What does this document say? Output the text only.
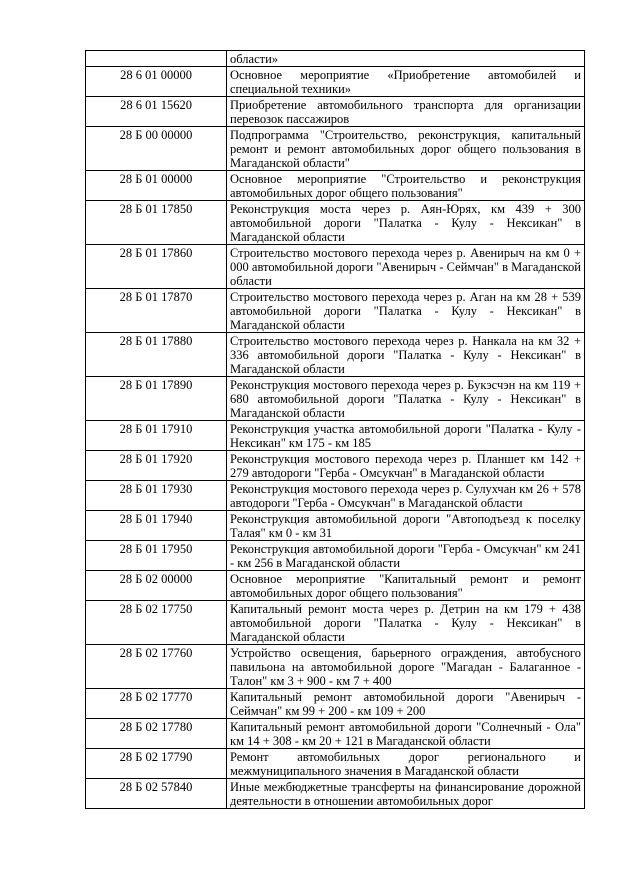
	области»
28 6 01 00000	Основное мероприятие «Приобретение автомобилей и специальной техники»
28 6 01 15620	Приобретение автомобильного транспорта для организации перевозок пассажиров
28 Б 00 00000	Подпрограмма "Строительство, реконструкция, капитальный ремонт и ремонт автомобильных дорог общего пользования в Магаданской области"
28 Б 01 00000	Основное мероприятие "Строительство и реконструкция автомобильных дорог общего пользования"
28 Б 01 17850	Реконструкция моста через р. Аян-Юрях, км 439 + 300 автомобильной дороги "Палатка - Кулу - Нексикан" в Магаданской области
28 Б 01 17860	Строительство мостового перехода через р. Авенирыч на км 0 + 000 автомобильной дороги "Авенирыч - Сеймчан" в Магаданской области
28 Б 01 17870	Строительство мостового перехода через р. Аган на км 28 + 539 автомобильной дороги "Палатка - Кулу - Нексикан" в Магаданской области
28 Б 01 17880	Строительство мостового перехода через р. Нанкала на км 32 + 336 автомобильной дороги "Палатка - Кулу - Нексикан" в Магаданской области
28 Б 01 17890	Реконструкция мостового перехода через р. Букэсчэн на км 119 + 680 автомобильной дороги "Палатка - Кулу - Нексикан" в Магаданской области
28 Б 01 17910	Реконструкция участка автомобильной дороги "Палатка - Кулу - Нексикан" км 175 - км 185
28 Б 01 17920	Реконструкция мостового перехода через р. Планшет км 142 + 279 автодороги "Герба - Омсукчан" в Магаданской области
28 Б 01 17930	Реконструкция мостового перехода через р. Сулухчан км 26 + 578 автодороги "Герба - Омсукчан" в Магаданской области
28 Б 01 17940	Реконструкция автомобильной дороги "Автоподъезд к поселку Талая" км 0 - км 31
28 Б 01 17950	Реконструкция автомобильной дороги "Герба - Омсукчан" км 241 - км 256 в Магаданской области
28 Б 02 00000	Основное мероприятие "Капитальный ремонт и ремонт автомобильных дорог общего пользования"
28 Б 02 17750	Капитальный ремонт моста через р. Детрин на км 179 + 438 автомобильной дороги "Палатка - Кулу - Нексикан" в Магаданской области
28 Б 02 17760	Устройство освещения, барьерного ограждения, автобусного павильона на автомобильной дороге "Магадан - Балаганное - Талон" км 3 + 900 - км 7 + 400
28 Б 02 17770	Капитальный ремонт автомобильной дороги "Авенирыч - Сеймчан" км 99 + 200 - км 109 + 200
28 Б 02 17780	Капитальный ремонт автомобильной дороги "Солнечный - Ола" км 14 + 308 - км 20 + 121 в Магаданской области
28 Б 02 17790	Ремонт автомобильных дорог регионального и межмуниципального значения в Магаданской области
28 Б 02 57840	Иные межбюджетные трансферты на финансирование дорожной деятельности в отношении автомобильных дорог
